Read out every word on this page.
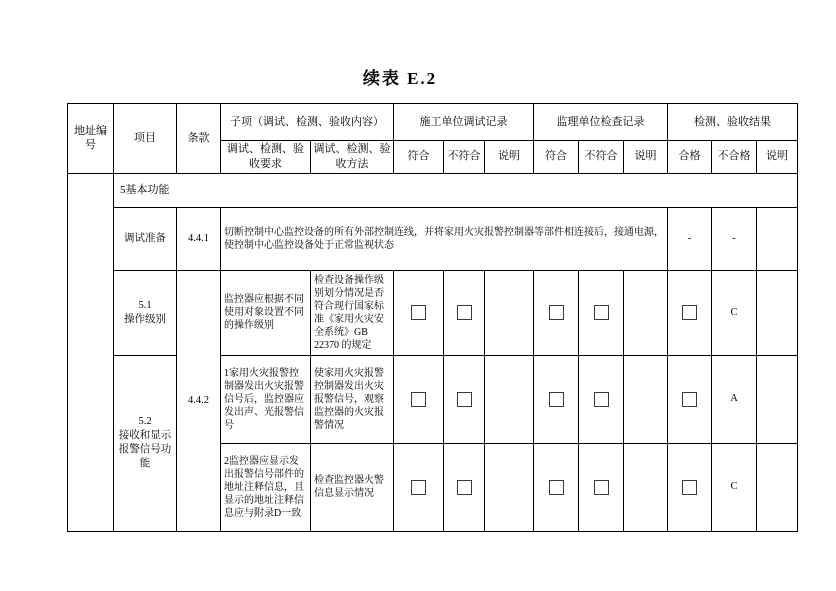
续表 E.2
地址编号	项目	条款	子项（调试、检测、验收内容）		施工单位调试记录			监理单位检查记录			检测、验收结果		
			调试、检测、验收要求	调试、检测、验收方法	符合	不符合	说明	符合	不符合	说明	合格	不合格	说明
	5基本功能												
	调试准备	4.4.1	切断控制中心监控设备的所有外部控制连线，并将家用火灾报警控制器等部件相连接后，接通电源，使控制中心监控设备处于正常监视状态								-	-	

	5.1
操作级别	4.4.2	监控器应根据不同使用对象设置不同的操作级别	检查设备操作级别划分情况是否符合现行国家标准《家用火灾安全系统》GB 22370 的规定								C	

	5.2
接收和显示报警信号功能		1家用火灾报警控制器发出火灾报警信号后，监控器应发出声、光报警信号	使家用火灾报警控制器发出火灾报警信号，观察监控器的火灾报警情况								A	
			2监控器应显示发出报警信号部件的地址注释信息，且显示的地址注释信息应与附录D一致	检查监控器火警信息显示情况								C	
